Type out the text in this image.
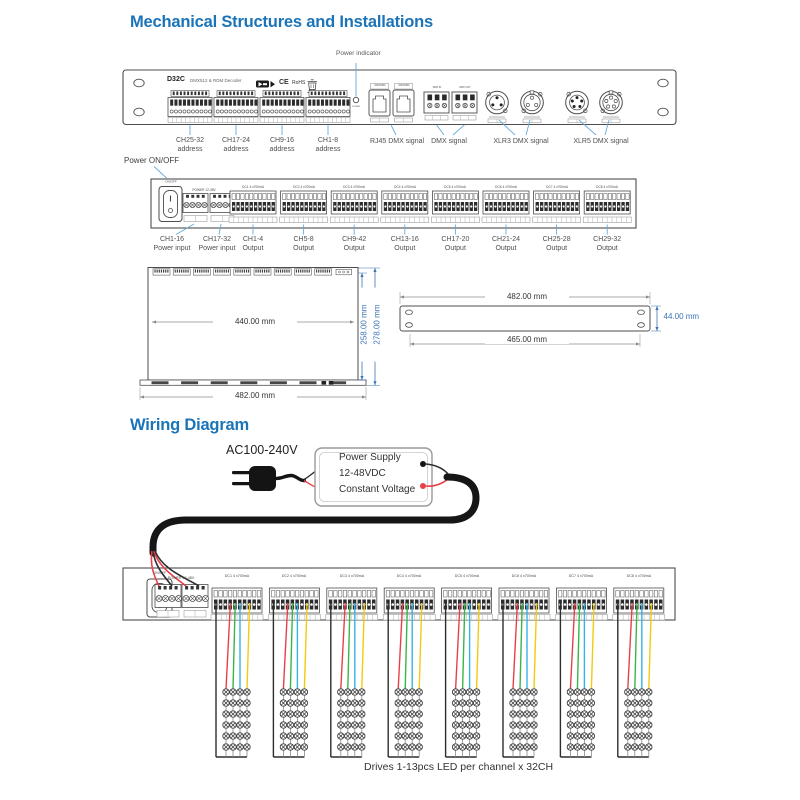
Mechanical Structures and Installations
Wiring Diagram
Power indicator
Power ON/OFF
D32C DMX512 & RDM Decoder	CE RoHS
440.00 mm	258.00 mm 278.00 mm
482.00 mm
482.00 mm
44.00 mm
465.00 mm
AC100-240V
Power Supply
12-48VDC
Constant Voltage
Drives 1-13pcs LED per channel x 32CH
CH25-32
address
CH17-24
address
CH9-16
address
CH1-8
address
RJ45 DMX signal	DMX signal	XLR3 DMX signal	XLR5 DMX signal
CH1-16
Power input
CH17-32
Power input
CH1-4
Output
CH5-8
Output
CH9-42
Output
CH13-16
Output
CH17-20
Output
CH21-24
Output
CH25-28
Output
CH29-32
Output
DC1 4 x700mA
DC1 4 x700mA
DC2 4 x700mA
DC2 4 x700mA
DC3 4 x700mA
DC3 4 x700mA
DC4 4 x700mA
DC4 4 x700mA
DC5 4 x700mA
DC5 4 x700mA
DC6 4 x700mA
DC6 4 x700mA
DC7 4 x700mA
DC7 4 x700mA
DC8 4 x700mA
DC8 4 x700mA
ON/OFF
ON/OFF
POWER 12-48V
POWER 12-48V
DMX IN	DMX OUT
DMX/RDM	DMX/RDM
POWER
